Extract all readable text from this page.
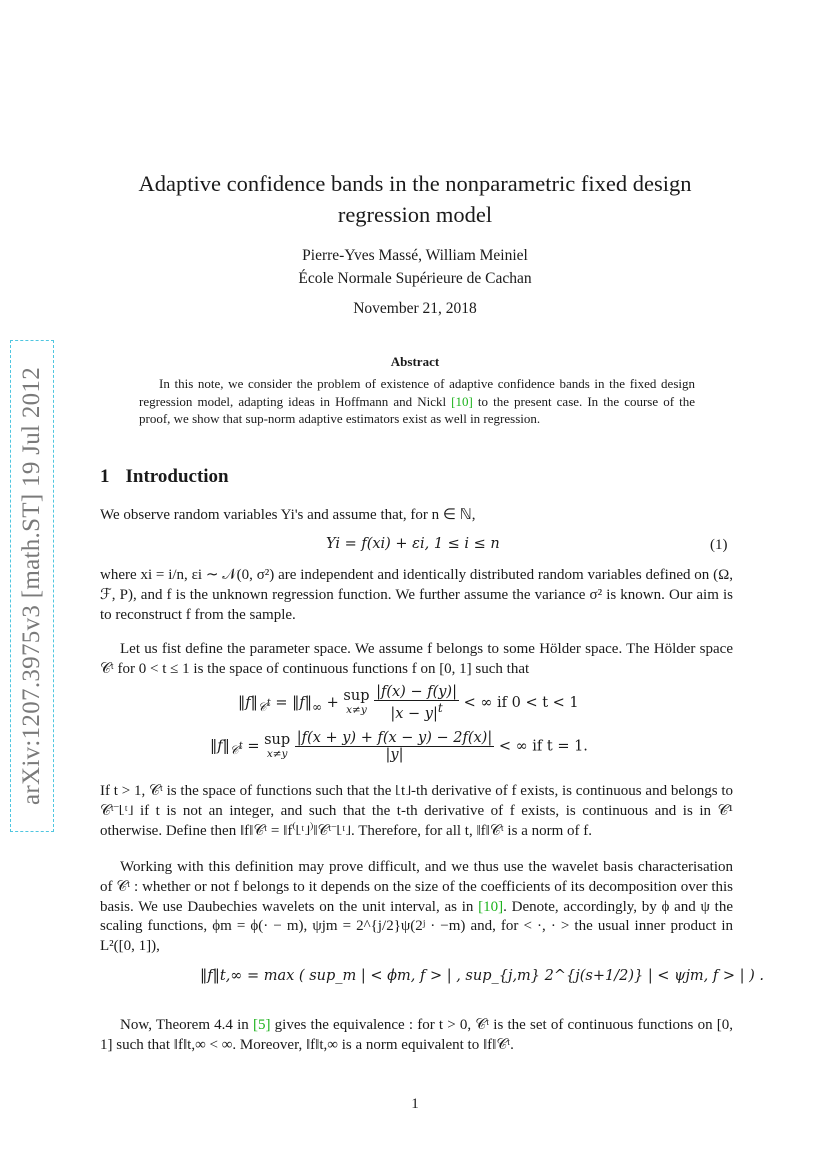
arXiv:1207.3975v3 [math.ST] 19 Jul 2012
Adaptive confidence bands in the nonparametric fixed design regression model
Pierre-Yves Massé, William Meiniel
École Normale Supérieure de Cachan
November 21, 2018
Abstract
In this note, we consider the problem of existence of adaptive confidence bands in the fixed design regression model, adapting ideas in Hoffmann and Nickl [10] to the present case. In the course of the proof, we show that sup-norm adaptive estimators exist as well in regression.
1 Introduction
We observe random variables Yi's and assume that, for n ∈ ℕ,
Yi = f(xi) + εi, 1 ≤ i ≤ n	(1)
where xi = i/n, εi ∼ 𝒩(0, σ²) are independent and identically distributed random variables defined on (Ω, ℱ, P), and f is the unknown regression function. We further assume the variance σ² is known. Our aim is to reconstruct f from the sample.
Let us fist define the parameter space. We assume f belongs to some Hölder space. The Hölder space 𝒞ᵗ for 0 < t ≤ 1 is the space of continuous functions f on [0, 1] such that
$‖f‖_{𝒞^t}$ = $‖f‖_\infty$ + sup
x≠y
$\frac{|f(x) - f(y)|}{|x - y|^t}$ < ∞ if 0 < t < 1
$‖f‖_{𝒞^t}$ = sup
x≠y
$\frac{|f(x + y) + f(x - y) - 2f(x)|}{|y|}$ < ∞ if t = 1.
If t > 1, 𝒞ᵗ is the space of functions such that the ⌊t⌋-th derivative of f exists, is continuous and belongs to 𝒞ᵗ⁻⌊ᵗ⌋ if t is not an integer, and such that the t-th derivative of f exists, is continuous and is in 𝒞¹ otherwise. Define then ‖f‖𝒞ᵗ = ‖f⁽⌊ᵗ⌋⁾‖𝒞ᵗ⁻⌊ᵗ⌋. Therefore, for all t, ‖f‖𝒞ᵗ is a norm of f.
Working with this definition may prove difficult, and we thus use the wavelet basis characterisation of 𝒞ᵗ : whether or not f belongs to it depends on the size of the coefficients of its decomposition over this basis. We use Daubechies wavelets on the unit interval, as in [10]. Denote, accordingly, by ϕ and ψ the scaling functions, ϕm = ϕ(· − m), ψjm = 2^{j/2}ψ(2ʲ · −m) and, for < ·, · > the usual inner product in L²([0, 1]),
‖f‖t,∞ = max ( sup_m | < ϕm, f > | , sup_{j,m} 2^{j(s+1/2)} | < ψjm, f > | ) .
Now, Theorem 4.4 in [5] gives the equivalence : for t > 0, 𝒞ᵗ is the set of continuous functions on [0, 1] such that ‖f‖t,∞ < ∞. Moreover, ‖f‖t,∞ is a norm equivalent to ‖f‖𝒞ᵗ.
1
